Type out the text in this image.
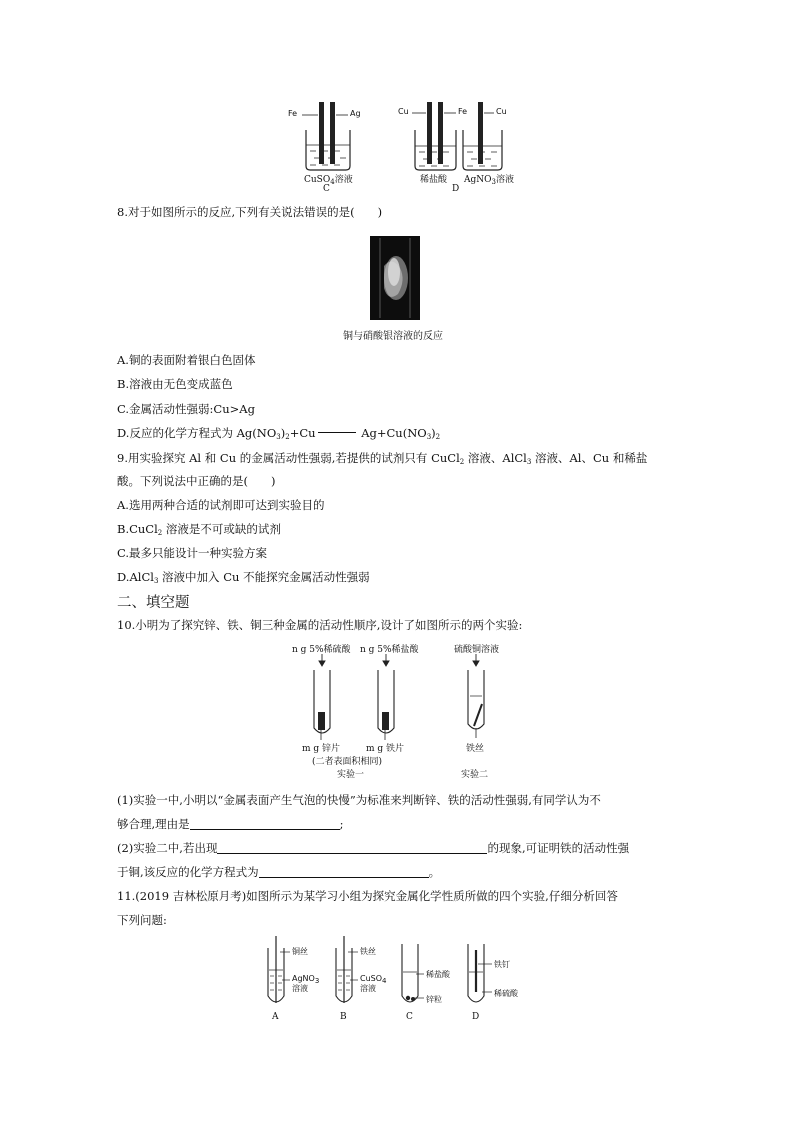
Fe	Ag
CuSO$_4$溶液
C
Cu	Fe	Cu
稀盐酸 AgNO$_3$溶液
D
8.对于如图所示的反应,下列有关说法错误的是(　　)
铜与硝酸银溶液的反应
A.铜的表面附着银白色固体
B.溶液由无色变成蓝色
C.金属活动性强弱:Cu>Ag
D.反应的化学方程式为 $Ag(NO_3)_2+Cu$	$Ag+Cu(NO_3)_2$
9.用实验探究 Al 和 Cu 的金属活动性强弱,若提供的试剂只有 CuCl$_2$ 溶液、AlCl$_3$ 溶液、Al、Cu 和稀盐
酸。下列说法中正确的是(　　)
A.选用两种合适的试剂即可达到实验目的
B.CuCl$_2$ 溶液是不可或缺的试剂
C.最多只能设计一种实验方案
D.AlCl$_3$ 溶液中加入 Cu 不能探究金属活动性强弱
二、填空题
10.小明为了探究锌、铁、铜三种金属的活动性顺序,设计了如图所示的两个实验:
n g 5%稀硫酸 n g 5%稀盐酸	硫酸铜溶液
m g 锌片	m g 铁片	铁丝
(二者表面积相同)
实验一	实验二
(1)实验一中,小明以“金属表面产生气泡的快慢”为标准来判断锌、铁的活动性强弱,有同学认为不
够合理,理由是	;
(2)实验二中,若出现	的现象,可证明铁的活动性强
于铜,该反应的化学方程式为	。
11.(2019 吉林松原月考)如图所示为某学习小组为探究金属化学性质所做的四个实验,仔细分析回答
下列问题:
铜丝
AgNO$_3$
溶液
铁丝
CuSO$_4$
溶液
稀盐酸
锌粒
铁钉
稀硫酸
A	B	C	D
